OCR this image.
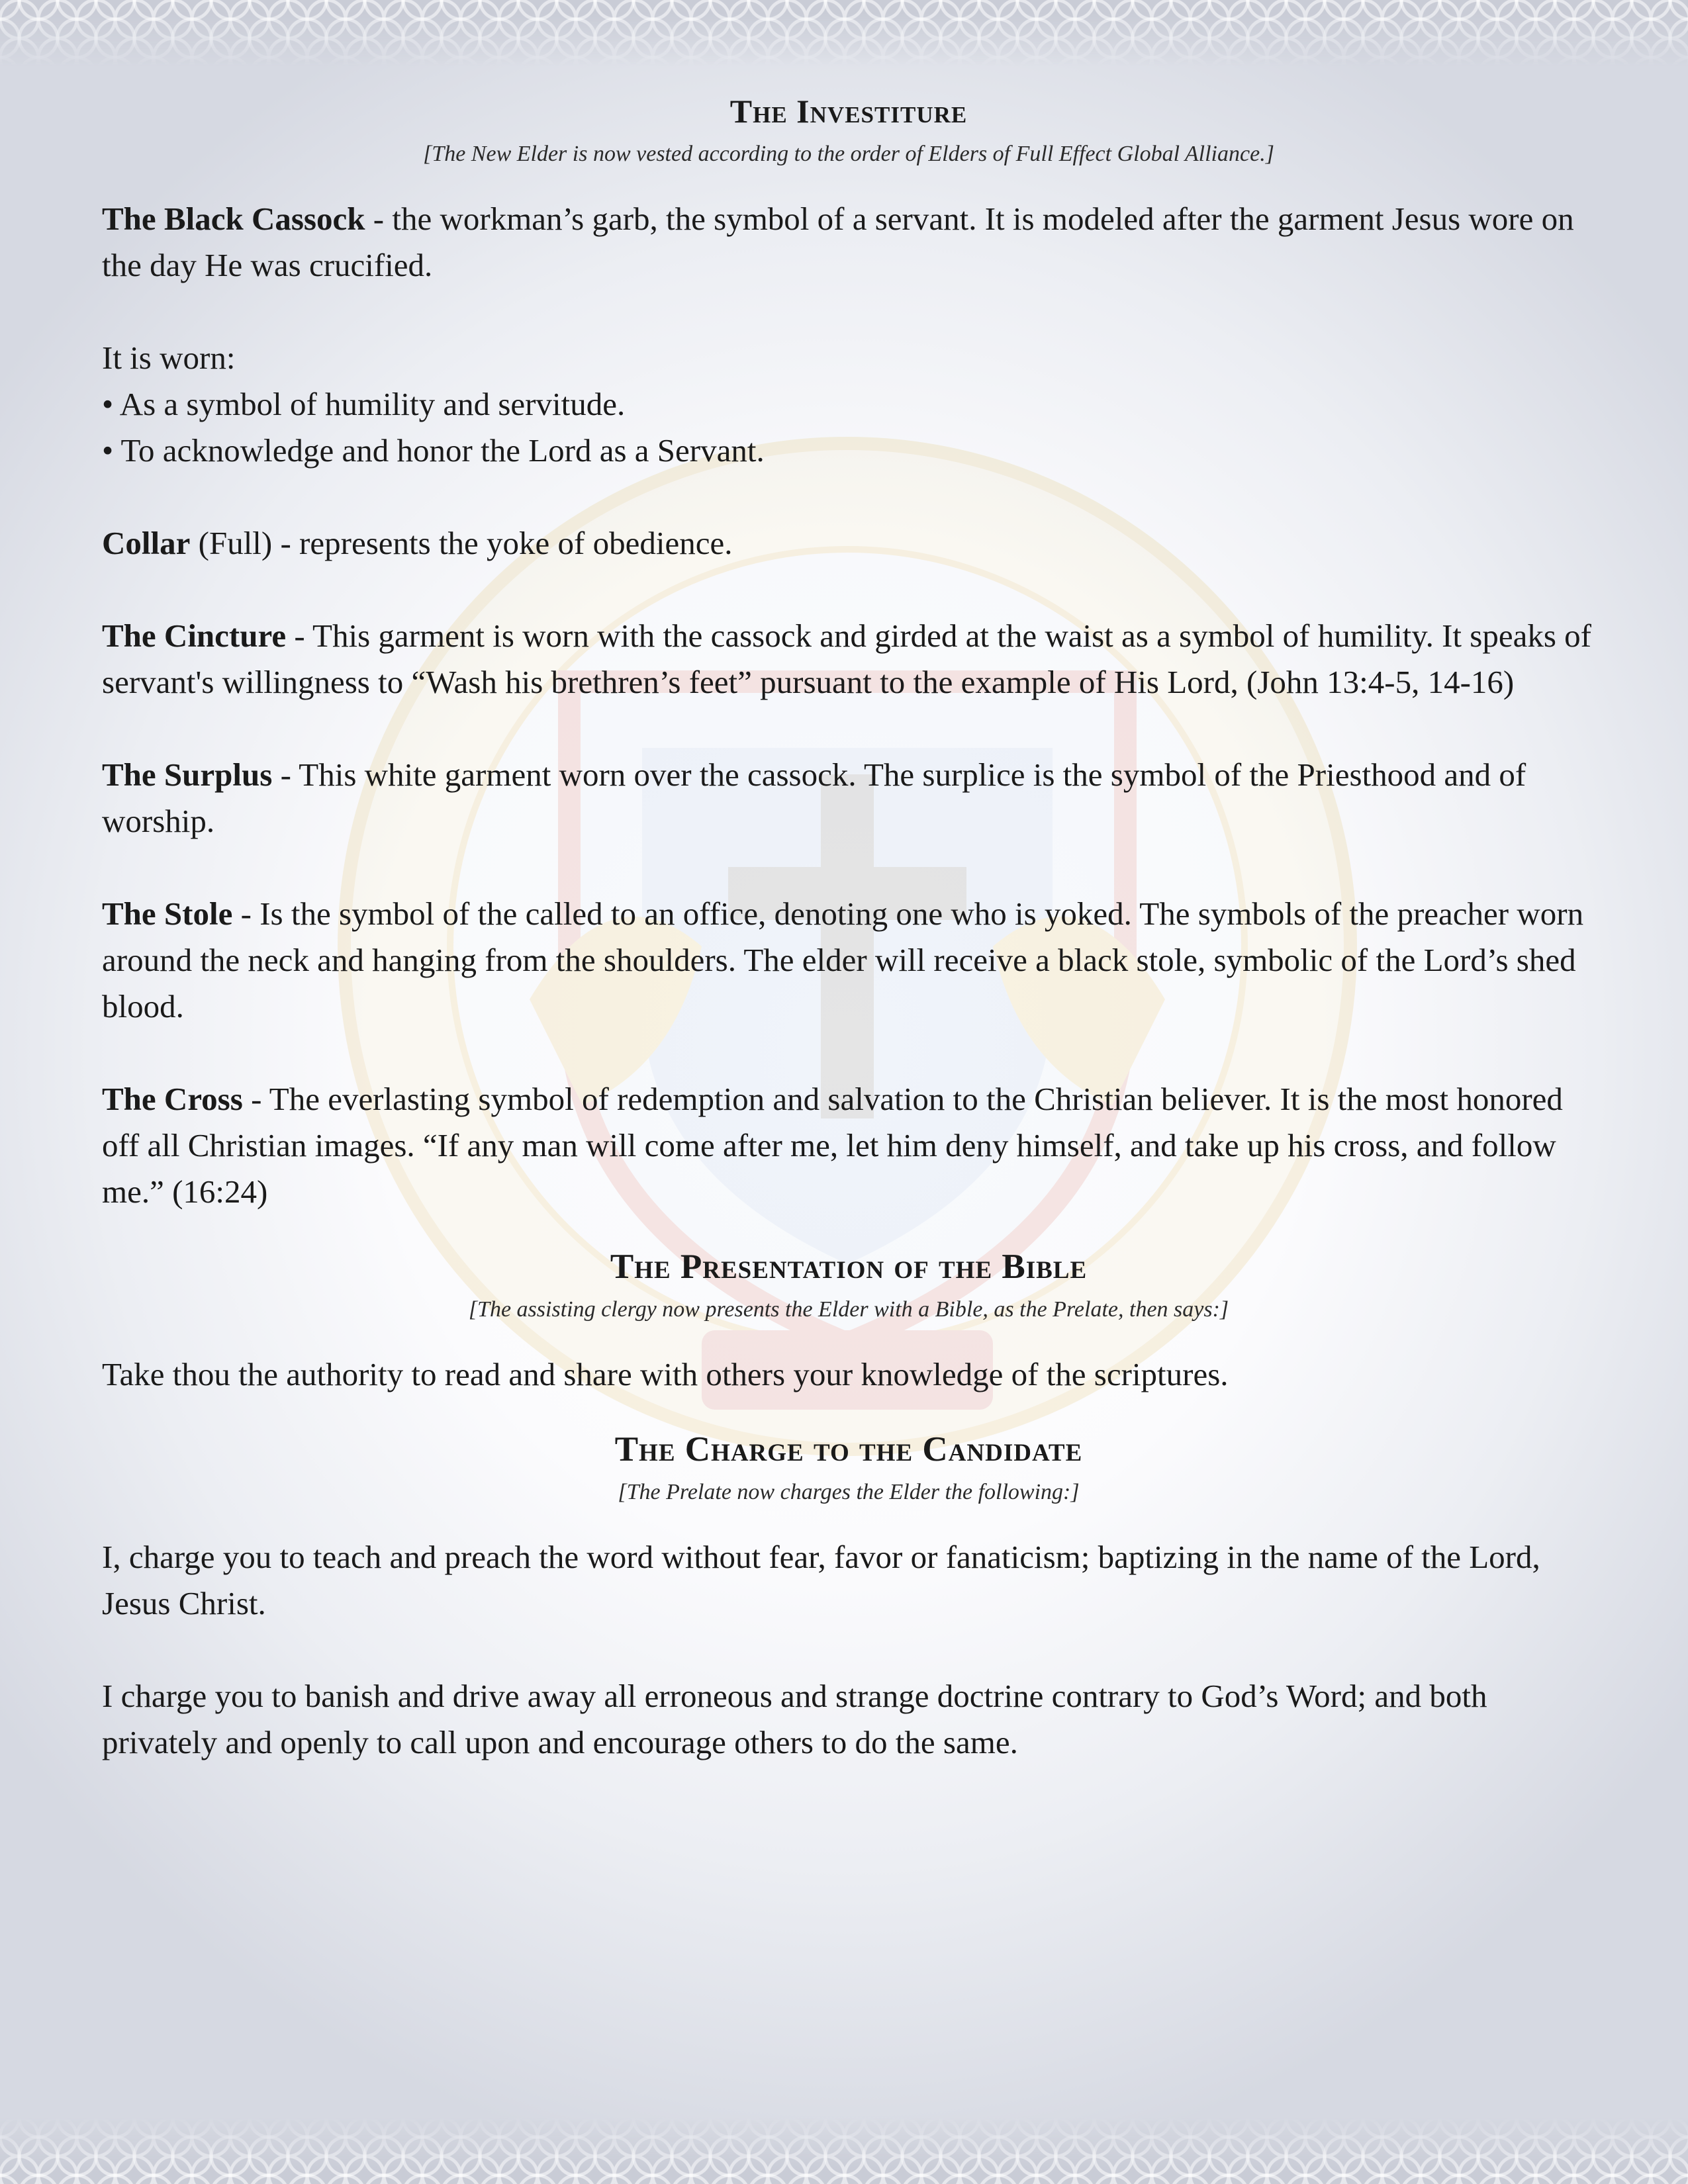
The Investiture

[The New Elder is now vested according to the order of Elders of Full Effect Global Alliance.]

The Black Cassock - the workman’s garb, the symbol of a servant. It is modeled after the garment Jesus wore on the day He was crucified.

It is worn:

• As a symbol of humility and servitude.

• To acknowledge and honor the Lord as a Servant.

Collar (Full) - represents the yoke of obedience.

The Cincture - This garment is worn with the cassock and girded at the waist as a symbol of humility. It speaks of servant's willingness to “Wash his brethren’s feet” pursuant to the example of His Lord, (John 13:4-5, 14-16)

The Surplus - This white garment worn over the cassock. The surplice is the symbol of the Priesthood and of worship.

The Stole - Is the symbol of the called to an office, denoting one who is yoked. The symbols of the preacher worn around the neck and hanging from the shoulders. The elder will receive a black stole, symbolic of the Lord’s shed blood.

The Cross - The everlasting symbol of redemption and salvation to the Christian believer. It is the most honored off all Christian images. “If any man will come after me, let him deny himself, and take up his cross, and follow me.” (16:24)

The Presentation of the Bible

[The assisting clergy now presents the Elder with a Bible, as the Prelate, then says:]

Take thou the authority to read and share with others your knowledge of the scriptures.

The Charge to the Candidate

[The Prelate now charges the Elder the following:]

I, charge you to teach and preach the word without fear, favor or fanaticism; baptizing in the name of the Lord, Jesus Christ.

I charge you to banish and drive away all erroneous and strange doctrine contrary to God’s Word; and both privately and openly to call upon and encourage others to do the same.
